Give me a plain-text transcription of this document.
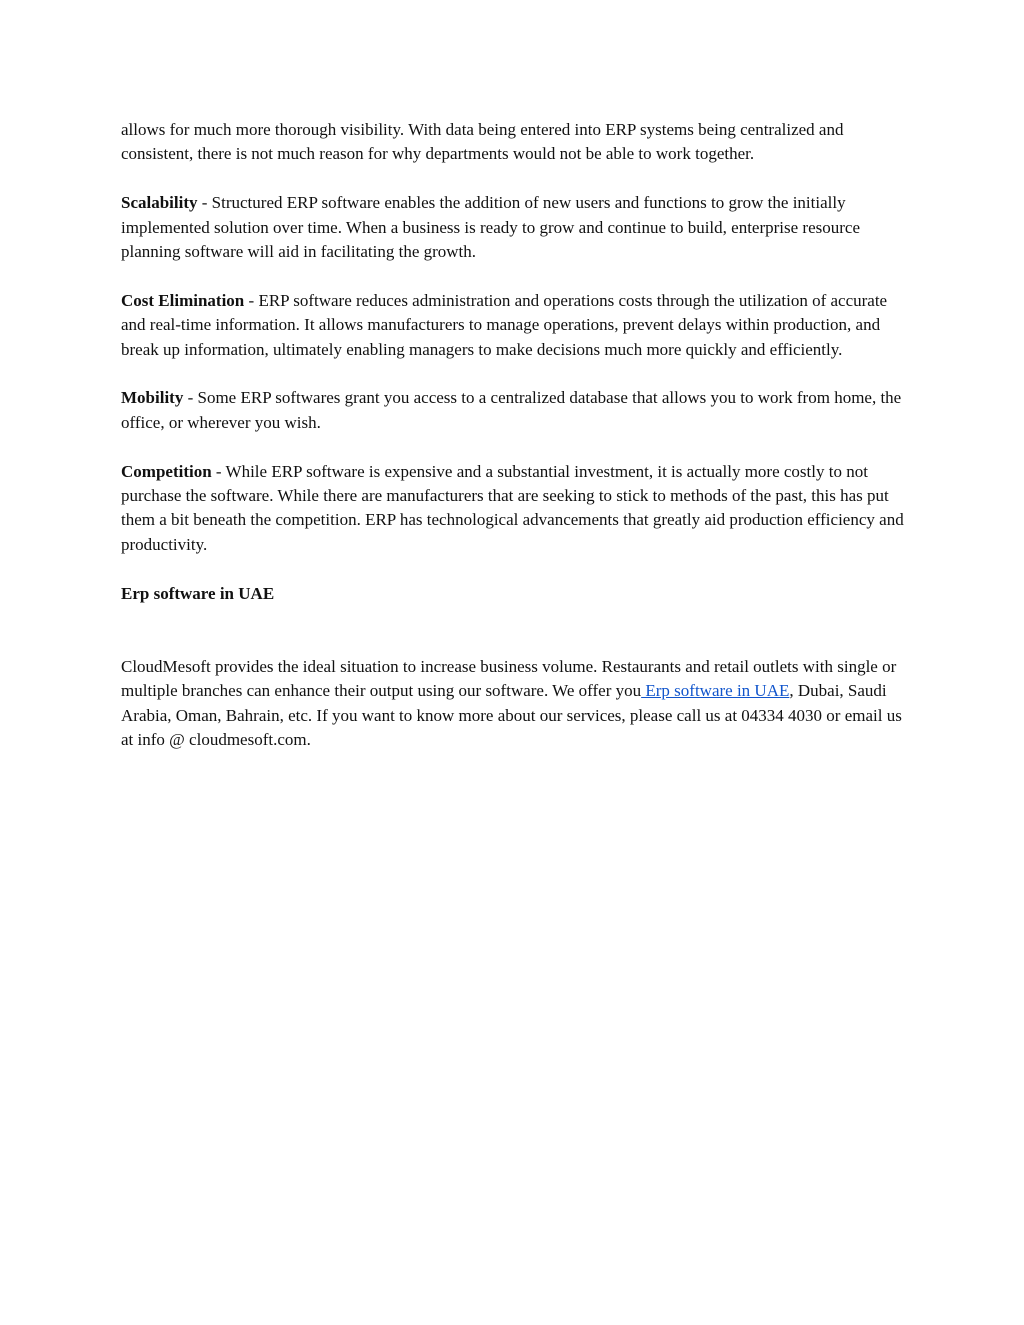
allows for much more thorough visibility. With data being entered into ERP systems being centralized and consistent, there is not much reason for why departments would not be able to work together.

Scalability - Structured ERP software enables the addition of new users and functions to grow the initially implemented solution over time. When a business is ready to grow and continue to build, enterprise resource planning software will aid in facilitating the growth.

Cost Elimination - ERP software reduces administration and operations costs through the utilization of accurate and real-time information. It allows manufacturers to manage operations, prevent delays within production, and break up information, ultimately enabling managers to make decisions much more quickly and efficiently.

Mobility - Some ERP softwares grant you access to a centralized database that allows you to work from home, the office, or wherever you wish.

Competition - While ERP software is expensive and a substantial investment, it is actually more costly to not purchase the software. While there are manufacturers that are seeking to stick to methods of the past, this has put them a bit beneath the competition. ERP has technological advancements that greatly aid production efficiency and productivity.

Erp software in UAE

CloudMesoft provides the ideal situation to increase business volume. Restaurants and retail outlets with single or multiple branches can enhance their output using our software. We offer you Erp software in UAE, Dubai, Saudi Arabia, Oman, Bahrain, etc. If you want to know more about our services, please call us at 04334 4030 or email us at info @ cloudmesoft.com.
